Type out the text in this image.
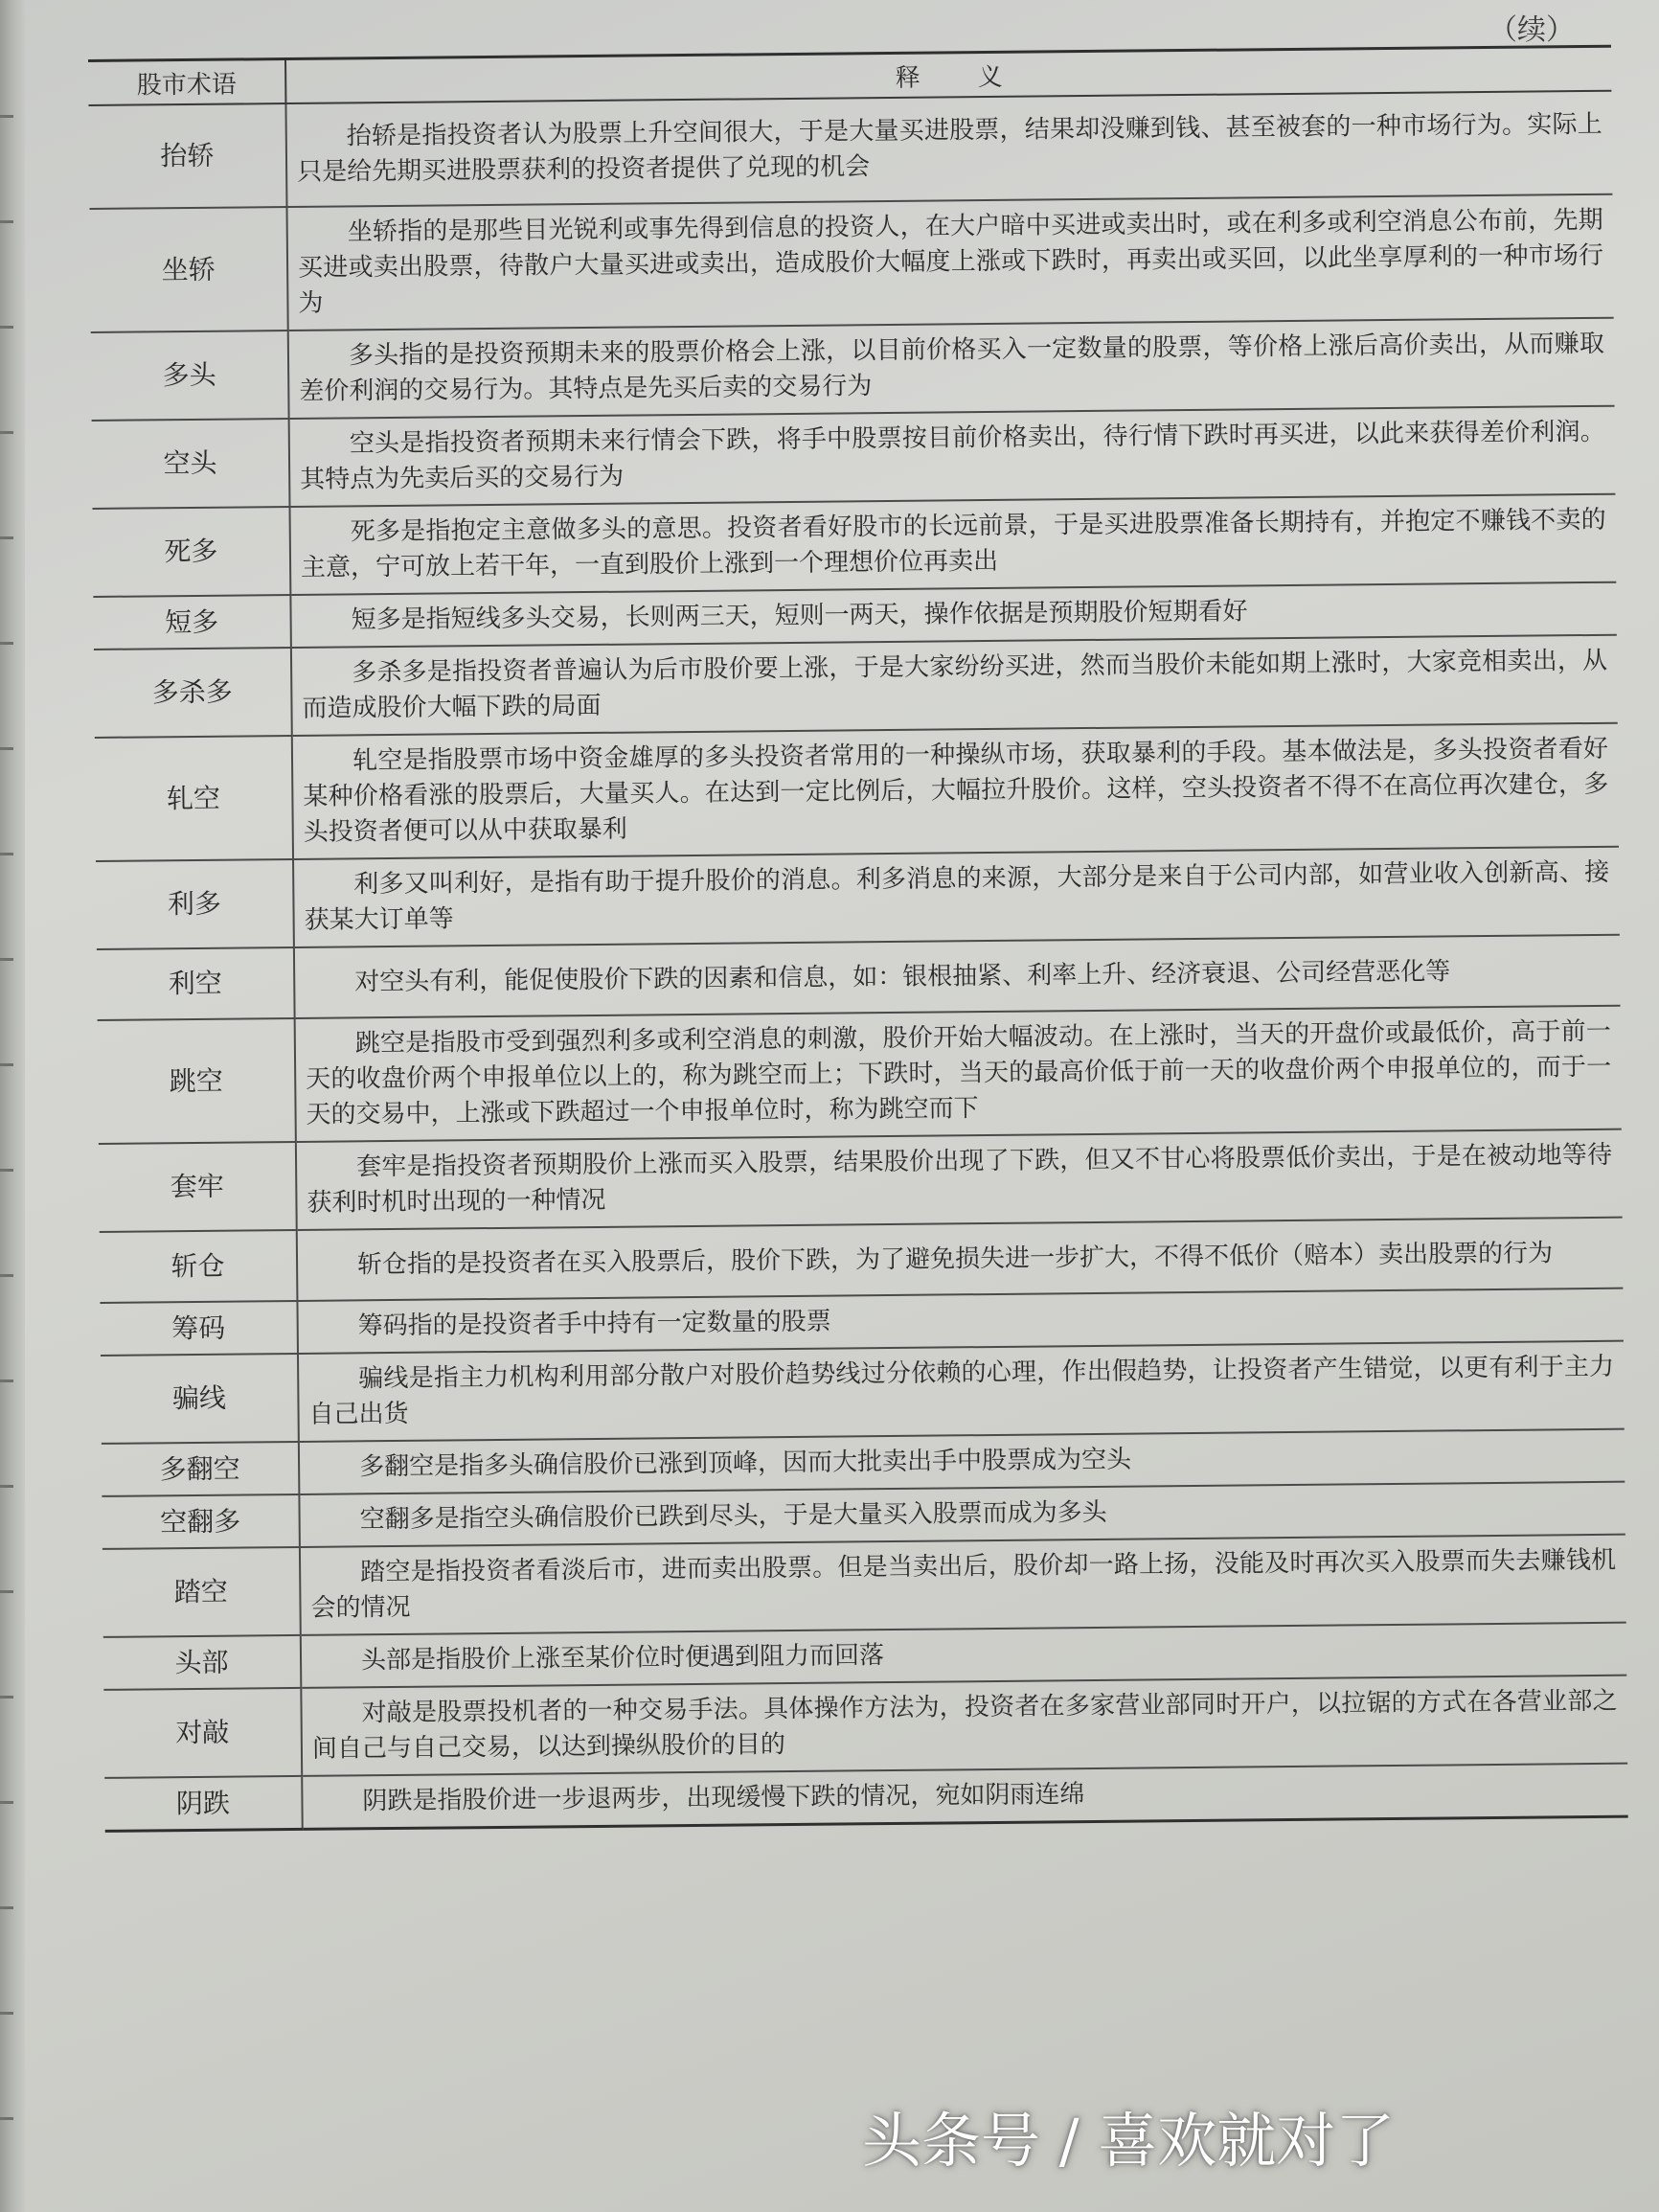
（续）
股市术语	释义
抬轿	抬轿是指投资者认为股票上升空间很大，于是大量买进股票，结果却没赚到钱、甚至被套的一种市场行为。实际上只是给先期买进股票获利的投资者提供了兑现的机会
坐轿	坐轿指的是那些目光锐利或事先得到信息的投资人，在大户暗中买进或卖出时，或在利多或利空消息公布前，先期买进或卖出股票，待散户大量买进或卖出，造成股价大幅度上涨或下跌时，再卖出或买回，以此坐享厚利的一种市场行为
多头	多头指的是投资预期未来的股票价格会上涨，以目前价格买入一定数量的股票，等价格上涨后高价卖出，从而赚取差价利润的交易行为。其特点是先买后卖的交易行为
空头	空头是指投资者预期未来行情会下跌，将手中股票按目前价格卖出，待行情下跌时再买进，以此来获得差价利润。其特点为先卖后买的交易行为
死多	死多是指抱定主意做多头的意思。投资者看好股市的长远前景，于是买进股票准备长期持有，并抱定不赚钱不卖的主意，宁可放上若干年，一直到股价上涨到一个理想价位再卖出
短多	短多是指短线多头交易，长则两三天，短则一两天，操作依据是预期股价短期看好
多杀多	多杀多是指投资者普遍认为后市股价要上涨，于是大家纷纷买进，然而当股价未能如期上涨时，大家竞相卖出，从而造成股价大幅下跌的局面
轧空	轧空是指股票市场中资金雄厚的多头投资者常用的一种操纵市场，获取暴利的手段。基本做法是，多头投资者看好某种价格看涨的股票后，大量买人。在达到一定比例后，大幅拉升股价。这样，空头投资者不得不在高位再次建仓，多头投资者便可以从中获取暴利
利多	利多又叫利好，是指有助于提升股价的消息。利多消息的来源，大部分是来自于公司内部，如营业收入创新高、接获某大订单等
利空	对空头有利，能促使股价下跌的因素和信息，如：银根抽紧、利率上升、经济衰退、公司经营恶化等
跳空	跳空是指股市受到强烈利多或利空消息的刺激，股价开始大幅波动。在上涨时，当天的开盘价或最低价，高于前一天的收盘价两个申报单位以上的，称为跳空而上；下跌时，当天的最高价低于前一天的收盘价两个申报单位的，而于一天的交易中，上涨或下跌超过一个申报单位时，称为跳空而下
套牢	套牢是指投资者预期股价上涨而买入股票，结果股价出现了下跌，但又不甘心将股票低价卖出，于是在被动地等待获利时机时出现的一种情况
斩仓	斩仓指的是投资者在买入股票后，股价下跌，为了避免损失进一步扩大，不得不低价（赔本）卖出股票的行为
筹码	筹码指的是投资者手中持有一定数量的股票
骗线	骗线是指主力机构利用部分散户对股价趋势线过分依赖的心理，作出假趋势，让投资者产生错觉，以更有利于主力自己出货
多翻空	多翻空是指多头确信股价已涨到顶峰，因而大批卖出手中股票成为空头
空翻多	空翻多是指空头确信股价已跌到尽头，于是大量买入股票而成为多头
踏空	踏空是指投资者看淡后市，进而卖出股票。但是当卖出后，股价却一路上扬，没能及时再次买入股票而失去赚钱机会的情况
头部	头部是指股价上涨至某价位时便遇到阻力而回落
对敲	对敲是股票投机者的一种交易手法。具体操作方法为，投资者在多家营业部同时开户，以拉锯的方式在各营业部之间自己与自己交易，以达到操纵股价的目的
阴跌	阴跌是指股价进一步退两步，出现缓慢下跌的情况，宛如阴雨连绵
头条号 / 喜欢就对了
